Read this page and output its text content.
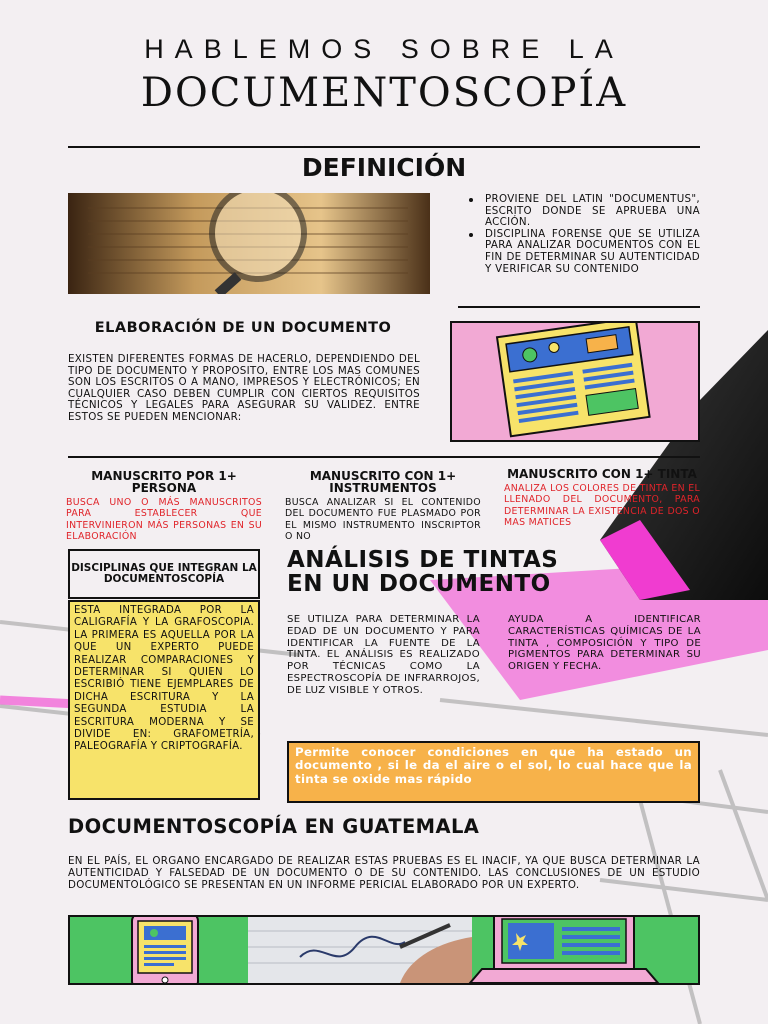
HABLEMOS SOBRE LA
DOCUMENTOSCOPÍA
DEFINICIÓN
PROVIENE DEL LATIN "DOCUMENTUS", ESCRITO DONDE SE APRUEBA UNA ACCIÓN.
DISCIPLINA FORENSE QUE SE UTILIZA PARA ANALIZAR DOCUMENTOS CON EL FIN DE DETERMINAR SU AUTENTICIDAD Y VERIFICAR SU CONTENIDO
ELABORACIÓN DE UN DOCUMENTO
EXISTEN DIFERENTES FORMAS DE HACERLO, DEPENDIENDO DEL TIPO DE DOCUMENTO Y PROPOSITO, ENTRE LOS MAS COMUNES SON LOS ESCRITOS O A MANO, IMPRESOS Y ELECTRÓNICOS; EN CUALQUIER CASO DEBEN CUMPLIR CON CIERTOS REQUISITOS TÉCNICOS Y LEGALES PARA ASEGURAR SU VALIDEZ. ENTRE ESTOS SE PUEDEN MENCIONAR:
MANUSCRITO POR 1+ PERSONA
BUSCA UNO O MÁS MANUSCRITOS PARA ESTABLECER QUE INTERVINIERON MÁS PERSONAS EN SU ELABORACIÓN
MANUSCRITO CON 1+ INSTRUMENTOS
BUSCA ANALIZAR SI EL CONTENIDO DEL DOCUMENTO FUE PLASMADO POR EL MISMO INSTRUMENTO INSCRIPTOR O NO
MANUSCRITO CON 1+ TINTA
ANALIZA LOS COLORES DE TINTA EN EL LLENADO DEL DOCUMENTO, PARA DETERMINAR LA EXISTENCIA DE DOS O MAS MATICES
DISCIPLINAS QUE INTEGRAN LA DOCUMENTOSCOPÍA
ESTA INTEGRADA POR LA CALIGRAFÍA Y LA GRAFOSCOPIA. LA PRIMERA ES AQUELLA POR LA QUE UN EXPERTO PUEDE REALIZAR COMPARACIONES Y DETERMINAR SI QUIEN LO ESCRIBIÓ TIENE EJEMPLARES DE DICHA ESCRITURA Y LA SEGUNDA ESTUDIA LA ESCRITURA MODERNA Y SE DIVIDE EN: GRAFOMETRÍA, PALEOGRAFÍA Y CRIPTOGRAFÍA.
ANÁLISIS DE TINTAS
EN UN DOCUMENTO
SE UTILIZA PARA DETERMINAR LA EDAD DE UN DOCUMENTO Y PARA IDENTIFICAR LA FUENTE DE LA TINTA. EL ANÁLISIS ES REALIZADO POR TÉCNICAS COMO LA ESPECTROSCOPÍA DE INFRARROJOS, DE LUZ VISIBLE Y OTROS.
AYUDA A IDENTIFICAR CARACTERÍSTICAS QUÍMICAS DE LA TINTA , COMPOSICIÓN Y TIPO DE PIGMENTOS PARA DETERMINAR SU ORIGEN Y FECHA.
Permite conocer condiciones en que ha estado un documento , si le da el aire o el sol, lo cual hace que la tinta se oxide mas rápido
DOCUMENTOSCOPÍA EN GUATEMALA
EN EL PAÍS, EL ORGANO ENCARGADO DE REALIZAR ESTAS PRUEBAS ES EL INACIF, YA QUE BUSCA DETERMINAR LA AUTENTICIDAD Y FALSEDAD DE UN DOCUMENTO O DE SU CONTENIDO. LAS CONCLUSIONES DE UN ESTUDIO DOCUMENTOLÓGICO SE PRESENTAN EN UN INFORME PERICIAL ELABORADO POR UN EXPERTO.
